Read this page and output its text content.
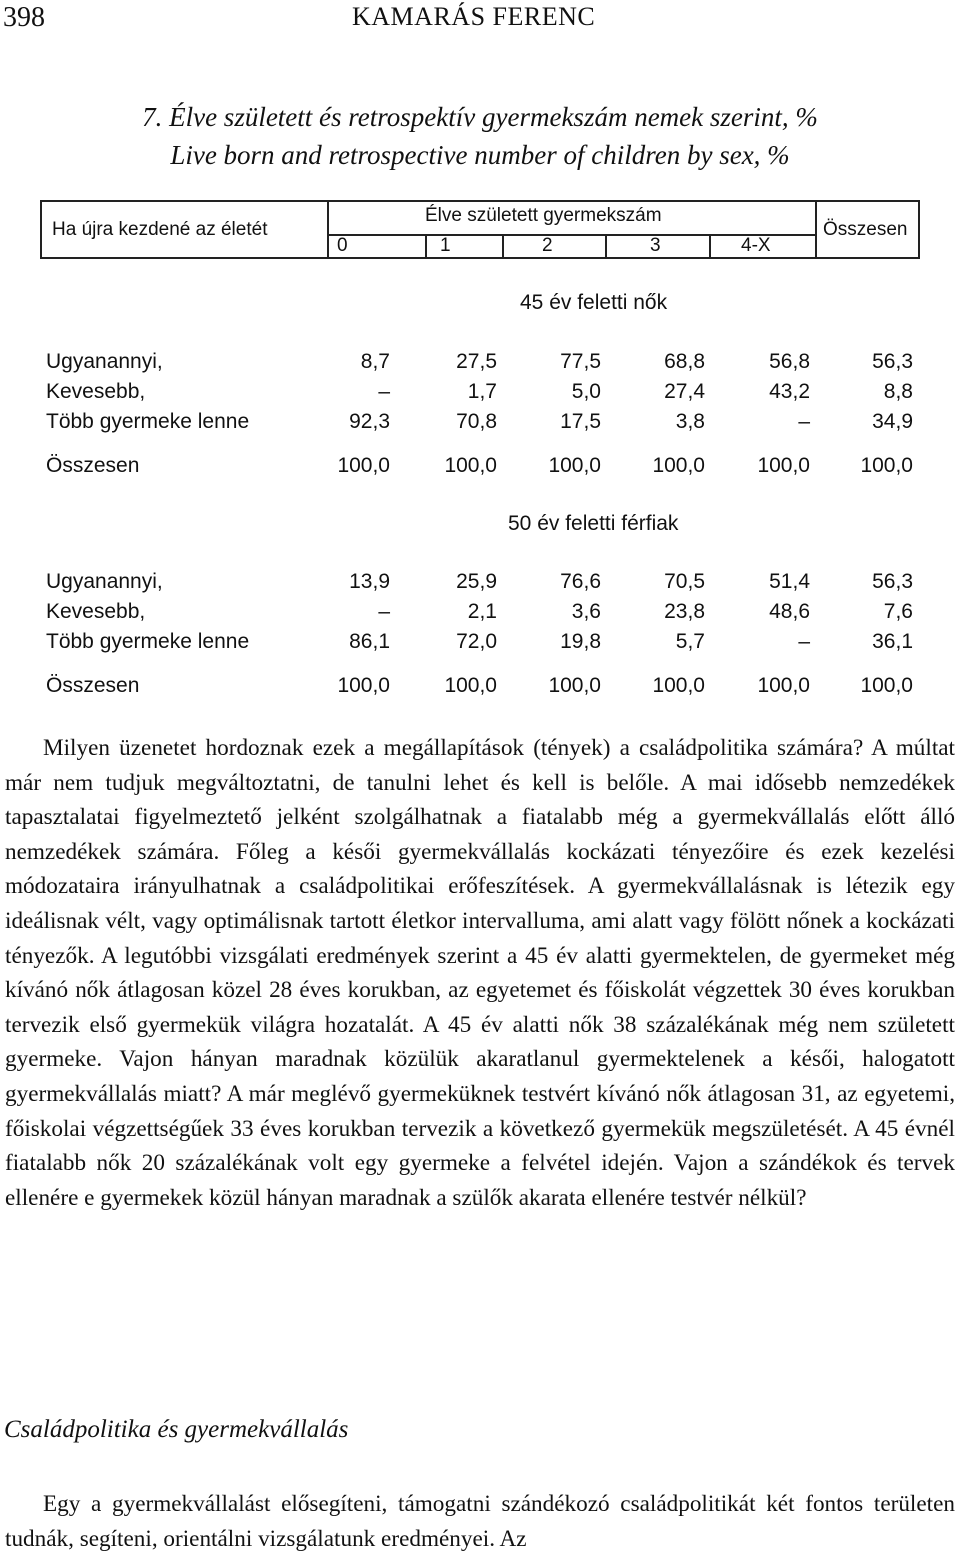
398	KAMARÁS FERENC
7. Élve született és retrospektív gyermekszám nemek szerint, %
Live born and retrospective number of children by sex, %
Ha újra kezdené az életét
Élve született gyermekszám
0	1	2	3	4-X
Összesen
45 év feletti nők
Ugyanannyi,	8,7	27,5	77,5	68,8	56,8	56,3
Kevesebb,	–	1,7	5,0	27,4	43,2	8,8
Több gyermeke lenne	92,3	70,8	17,5	3,8	–	34,9
Összesen	100,0	100,0	100,0	100,0	100,0	100,0
50 év feletti férfiak
Ugyanannyi,	13,9	25,9	76,6	70,5	51,4	56,3
Kevesebb,	–	2,1	3,6	23,8	48,6	7,6
Több gyermeke lenne	86,1	72,0	19,8	5,7	–	36,1
Összesen	100,0	100,0	100,0	100,0	100,0	100,0

Milyen üzenetet hordoznak ezek a megállapítások (tények) a családpolitika számára? A múltat már nem tudjuk megváltoztatni, de tanulni lehet és kell is belőle. A mai idősebb nemzedékek tapasztalatai figyelmeztető jelként szolgálhatnak a fiatalabb még a gyermekvállalás előtt álló nemzedékek számára. Főleg a késői gyermekvállalás kockázati tényezőire és ezek kezelési módozataira irányulhatnak a családpolitikai erőfeszítések. A gyermekvállalásnak is létezik egy ideálisnak vélt, vagy optimálisnak tartott életkor intervalluma, ami alatt vagy fölött nőnek a kockázati tényezők. A legutóbbi vizsgálati eredmények szerint a 45 év alatti gyermektelen, de gyermeket még kívánó nők átlagosan közel 28 éves korukban, az egyetemet és főiskolát végzettek 30 éves korukban tervezik első gyermekük világra hozatalát. A 45 év alatti nők 38 százalékának még nem született gyermeke. Vajon hányan maradnak közülük akaratlanul gyermektelenek a késői, halogatott gyermekvállalás miatt? A már meglévő gyermeküknek testvért kívánó nők átlagosan 31, az egyetemi, főiskolai végzettségűek 33 éves korukban tervezik a következő gyermekük megszületését. A 45 évnél fiatalabb nők 20 százalékának volt egy gyermeke a felvétel idején. Vajon a szándékok és tervek ellenére e gyermekek közül hányan maradnak a szülők akarata ellenére testvér nélkül?

Családpolitika és gyermekvállalás

Egy a gyermekvállalást elősegíteni, támogatni szándékozó családpolitikát két fontos területen tudnák, segíteni, orientálni vizsgálatunk eredményei. Az
